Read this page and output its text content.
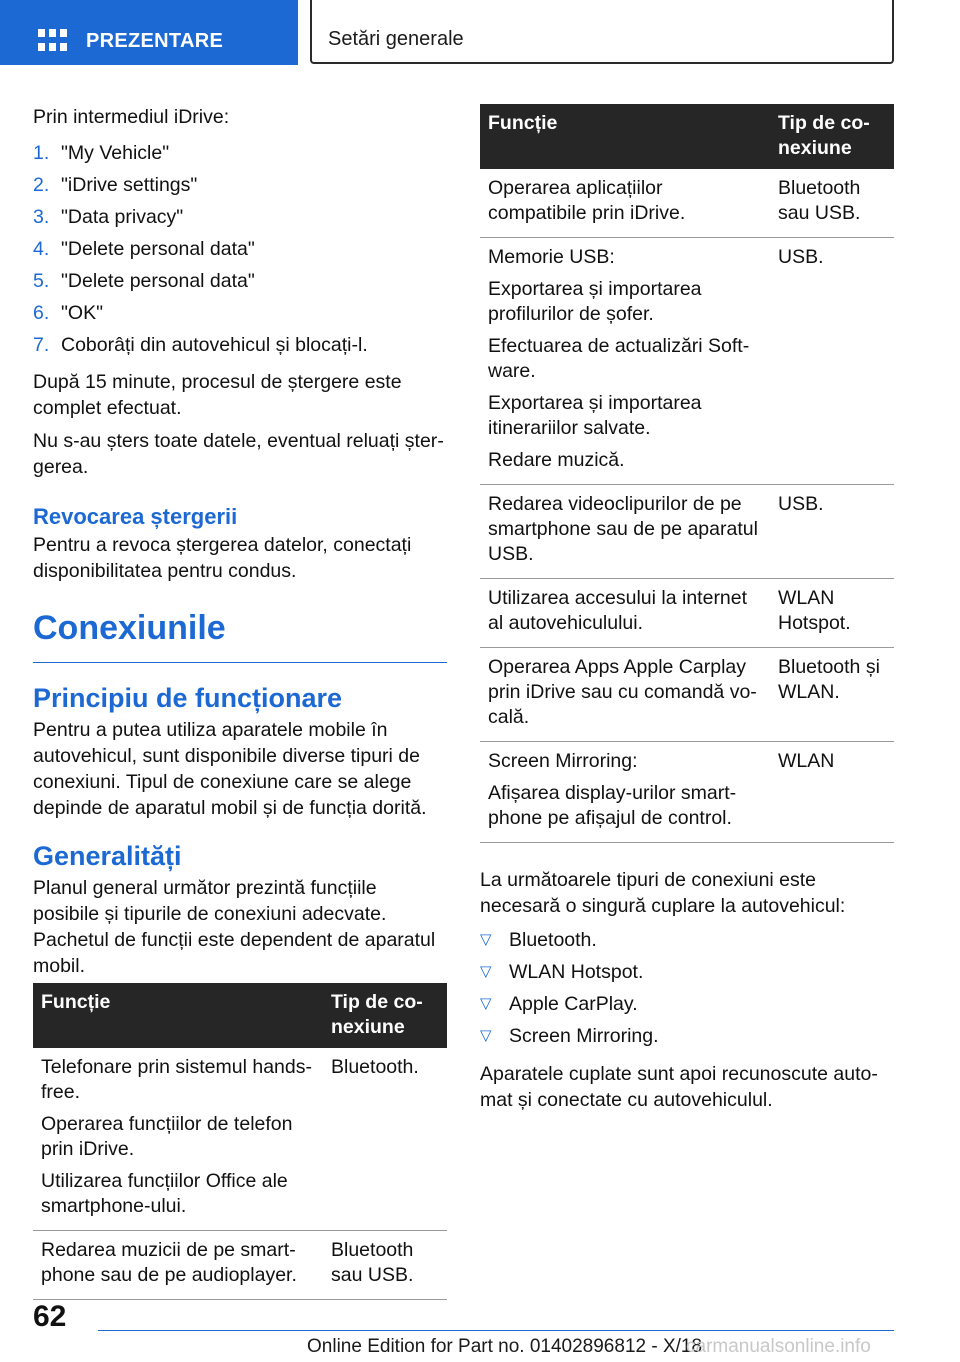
PREZENTARE	Setări generale

Prin intermediul iDrive:

1. "My Vehicle"
2. "iDrive settings"
3. "Data privacy"
4. "Delete personal data"
5. "Delete personal data"
6. "OK"
7. Coborâți din autovehicul și blocați-l.

După 15 minute, procesul de ștergere este complet efectuat.

Nu s-au șters toate datele, eventual reluați ștergerea.

Revocarea ștergerii

Pentru a revoca ștergerea datelor, conectați disponibilitatea pentru condus.

Conexiunile
Principiu de funcționare

Pentru a putea utiliza aparatele mobile în autovehicul, sunt disponibile diverse tipuri de conexiuni. Tipul de conexiune care se alege depinde de aparatul mobil și de funcția dorită.

Generalități

Planul general următor prezintă funcțiile posibile și tipurile de conexiuni adecvate. Pachetul de funcții este dependent de aparatul mobil.

Funcție	Tip de conexiune

Telefonare prin sistemul hands-free.
Operarea funcțiilor de telefon prin iDrive.
Utilizarea funcțiilor Office ale smartphone-ului.	Bluetooth.

Redarea muzicii de pe smartphone sau de pe audioplayer.	Bluetooth sau USB.
Funcție	Tip de conexiune

Operarea aplicațiilor compatibile prin iDrive.	Bluetooth sau USB.

Memorie USB:
Exportarea și importarea profilurilor de șofer.
Efectuarea de actualizări Software.
Exportarea și importarea itinerariilor salvate.
Redare muzică.	USB.

Redarea videoclipurilor de pe smartphone sau de pe aparatul USB.	USB.

Utilizarea accesului la internet al autovehiculului.	WLAN Hotspot.

Operarea Apps Apple Carplay prin iDrive sau cu comandă vocală.	Bluetooth și WLAN.

Screen Mirroring:
Afișarea display-urilor smartphone pe afișajul de control.	WLAN

La următoarele tipuri de conexiuni este necesară o singură cuplare la autovehicul:

▽ Bluetooth.
▽ WLAN Hotspot.
▽ Apple CarPlay.
▽ Screen Mirroring.

Aparatele cuplate sunt apoi recunoscute automat și conectate cu autovehiculul.

62
Online Edition for Part no. 01402896812 - X/18
carmanualsonline.info
